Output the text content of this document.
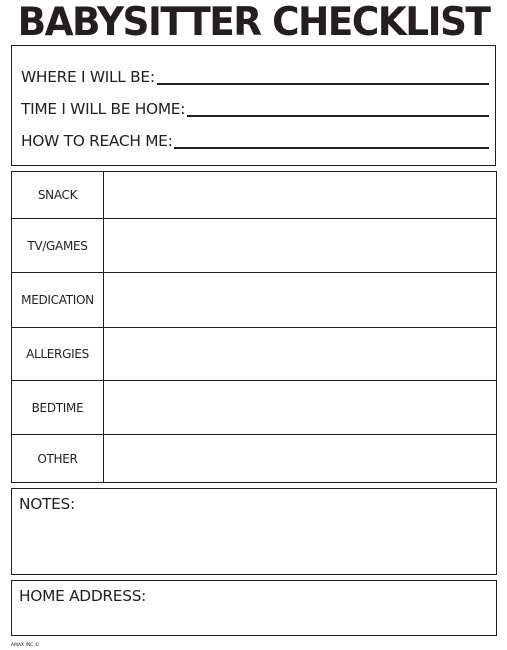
BABYSITTER CHECKLIST
WHERE I WILL BE:
TIME I WILL BE HOME:
HOW TO REACH ME:
SNACK
TV/GAMES
MEDICATION
ALLERGIES
BEDTIME
OTHER
NOTES:
HOME ADDRESS:
AMAX INC.©
